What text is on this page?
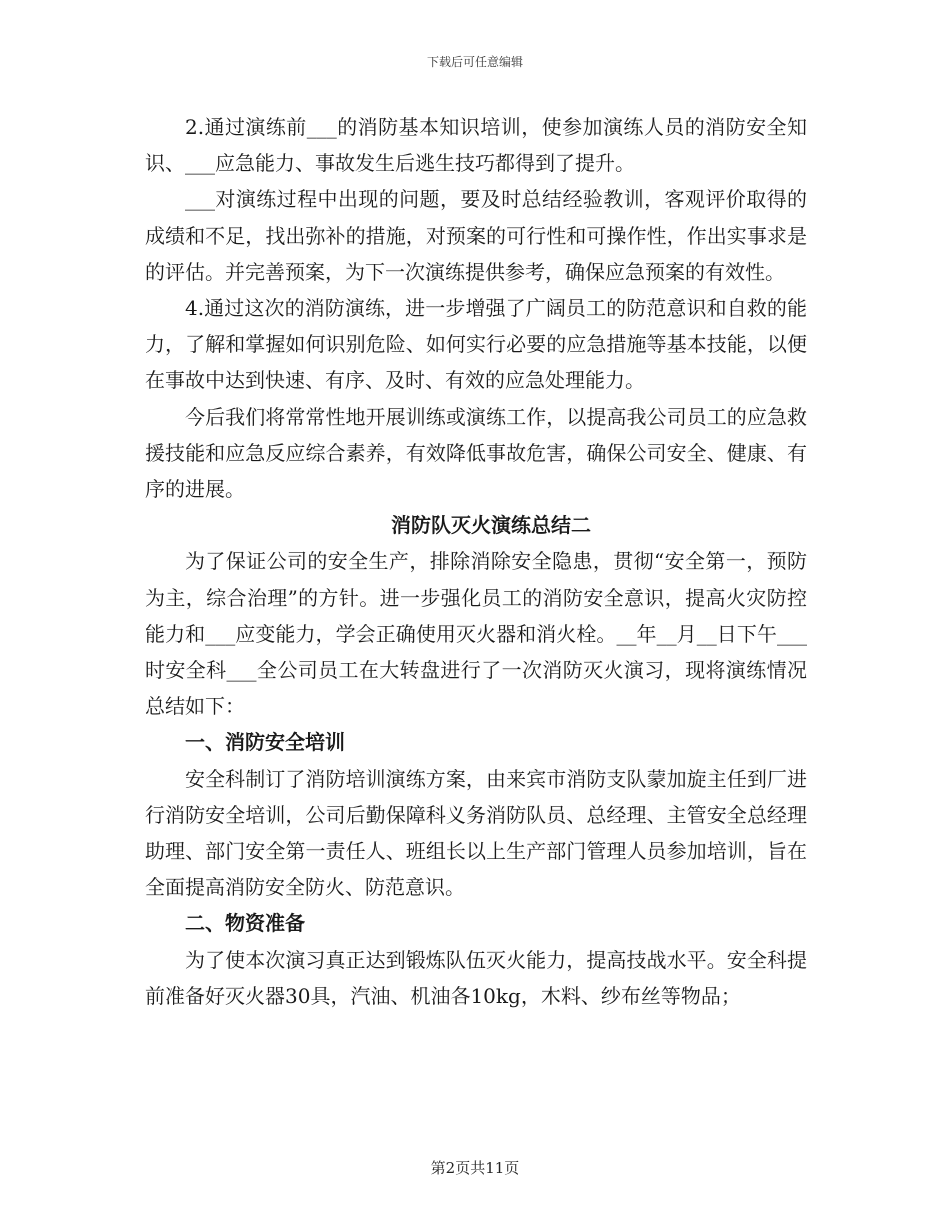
下载后可任意编辑

2.通过演练前___的消防基本知识培训，使参加演练人员的消防安全知识、___应急能力、事故发生后逃生技巧都得到了提升。

___对演练过程中出现的问题，要及时总结经验教训，客观评价取得的成绩和不足，找出弥补的措施，对预案的可行性和可操作性，作出实事求是的评估。并完善预案，为下一次演练提供参考，确保应急预案的有效性。

4.通过这次的消防演练，进一步增强了广阔员工的防范意识和自救的能力，了解和掌握如何识别危险、如何实行必要的应急措施等基本技能，以便在事故中达到快速、有序、及时、有效的应急处理能力。

今后我们将常常性地开展训练或演练工作，以提高我公司员工的应急救援技能和应急反应综合素养，有效降低事故危害，确保公司安全、健康、有序的进展。

消防队灭火演练总结二

为了保证公司的安全生产，排除消除安全隐患，贯彻“安全第一，预防为主，综合治理”的方针。进一步强化员工的消防安全意识，提高火灾防控能力和___应变能力，学会正确使用灭火器和消火栓。__年__月__日下午___时安全科___全公司员工在大转盘进行了一次消防灭火演习，现将演练情况总结如下：

一、消防安全培训

安全科制订了消防培训演练方案，由来宾市消防支队蒙加旋主任到厂进行消防安全培训，公司后勤保障科义务消防队员、总经理、主管安全总经理助理、部门安全第一责任人、班组长以上生产部门管理人员参加培训，旨在全面提高消防安全防火、防范意识。

二、物资准备

为了使本次演习真正达到锻炼队伍灭火能力，提高技战水平。安全科提前准备好灭火器30具，汽油、机油各10kg，木料、纱布丝等物品；

第2页共11页
